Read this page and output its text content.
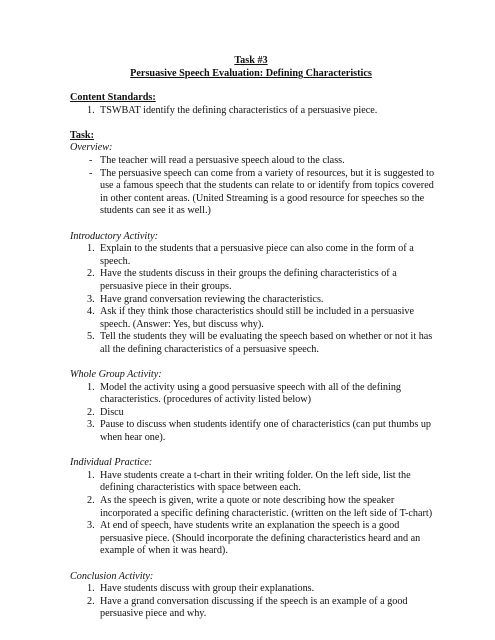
Task #3
Persuasive Speech Evaluation: Defining Characteristics

Content Standards:

1. TSWBAT identify the defining characteristics of a persuasive piece.

Task:

Overview:

- The teacher will read a persuasive speech aloud to the class.
- The persuasive speech can come from a variety of resources, but it is suggested to use a famous speech that the students can relate to or identify from topics covered in other content areas. (United Streaming is a good resource for speeches so the students can see it as well.)

Introductory Activity:

1. Explain to the students that a persuasive piece can also come in the form of a speech.
2. Have the students discuss in their groups the defining characteristics of a persuasive piece in their groups.
3. Have grand conversation reviewing the characteristics.
4. Ask if they think those characteristics should still be included in a persuasive speech. (Answer: Yes, but discuss why).
5. Tell the students they will be evaluating the speech based on whether or not it has all the defining characteristics of a persuasive speech.

Whole Group Activity:

1. Model the activity using a good persuasive speech with all of the defining characteristics. (procedures of activity listed below)
2. Discu
3. Pause to discuss when students identify one of characteristics (can put thumbs up when hear one).

Individual Practice:

1. Have students create a t-chart in their writing folder. On the left side, list the defining characteristics with space between each.
2. As the speech is given, write a quote or note describing how the speaker incorporated a specific defining characteristic. (written on the left side of T-chart)
3. At end of speech, have students write an explanation the speech is a good persuasive piece. (Should incorporate the defining characteristics heard and an example of when it was heard).

Conclusion Activity:

1. Have students discuss with group their explanations.
2. Have a grand conversation discussing if the speech is an example of a good persuasive piece and why.
